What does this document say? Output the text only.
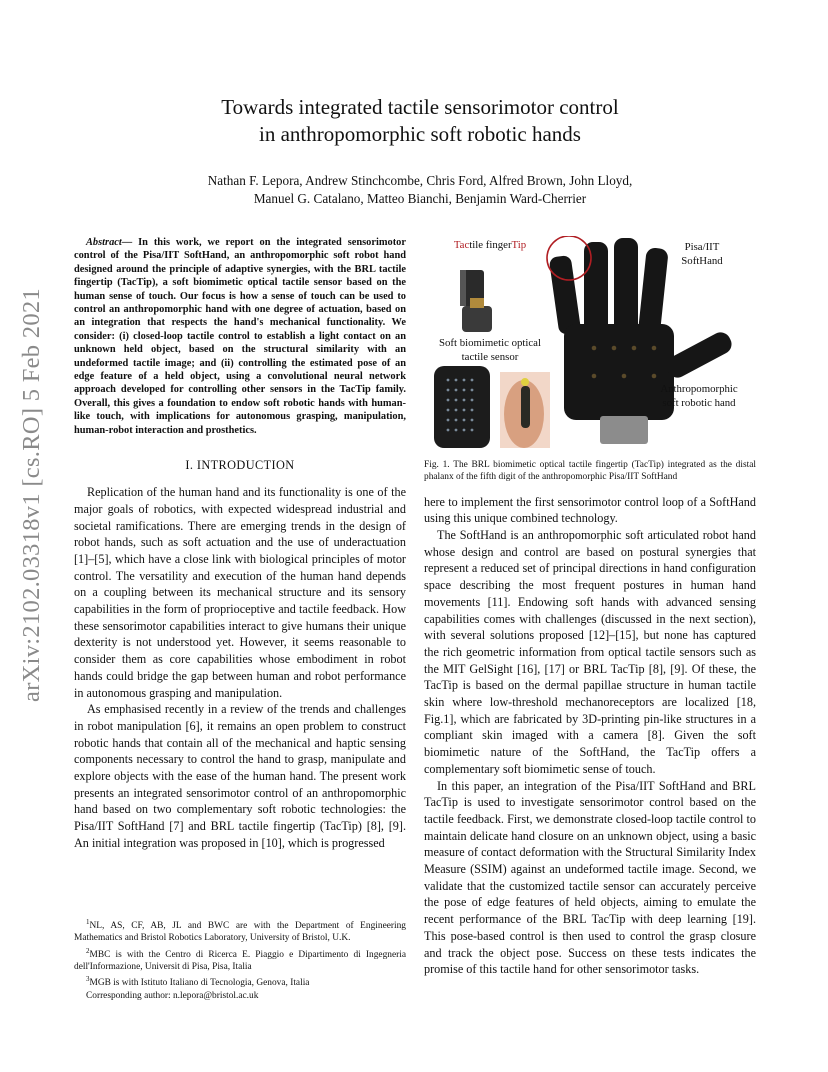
arXiv:2102.03318v1 [cs.RO] 5 Feb 2021
Towards integrated tactile sensorimotor control
in anthropomorphic soft robotic hands
Nathan F. Lepora, Andrew Stinchcombe, Chris Ford, Alfred Brown, John Lloyd,
Manuel G. Catalano, Matteo Bianchi, Benjamin Ward-Cherrier

Abstract— In this work, we report on the integrated sensorimotor control of the Pisa/IIT SoftHand, an anthropomorphic soft robot hand designed around the principle of adaptive synergies, with the BRL tactile fingertip (TacTip), a soft biomimetic optical tactile sensor based on the human sense of touch. Our focus is how a sense of touch can be used to control an anthropomorphic hand with one degree of actuation, based on an integration that respects the hand's mechanical functionality. We consider: (i) closed-loop tactile control to establish a light contact on an unknown held object, based on the structural similarity with an undeformed tactile image; and (ii) controlling the estimated pose of an edge feature of a held object, using a convolutional neural network approach developed for controlling other sensors in the TacTip family. Overall, this gives a foundation to endow soft robotic hands with human-like touch, with implications for autonomous grasping, manipulation, human-robot interaction and prosthetics.

I. INTRODUCTION

Replication of the human hand and its functionality is one of the major goals of robotics, with expected widespread industrial and societal ramifications. There are emerging trends in the design of robot hands, such as soft actuation and the use of underactuation [1]–[5], which have a close link with biological principles of motor control. The versatility and execution of the human hand depends on a coupling between its mechanical structure and its sensory capabilities in the form of proprioceptive and tactile feedback. How these sensorimotor capabilities interact to give humans their unique dexterity is not understood yet. However, it seems reasonable to consider them as core capabilities whose embodiment in robot hands could bridge the gap between human and robot performance in autonomous grasping and manipulation.

As emphasised recently in a review of the trends and challenges in robot manipulation [6], it remains an open problem to construct robotic hands that contain all of the mechanical and haptic sensing components necessary to control the hand to grasp, manipulate and explore objects with the ease of the human hand. The present work presents an integrated sensorimotor control of an anthropomorphic hand based on two complementary soft robotic technologies: the Pisa/IIT SoftHand [7] and BRL tactile fingertip (TacTip) [8], [9]. An initial integration was proposed in [10], which is progressed

$^1$NL, AS, CF, AB, JL and BWC are with the Department of Engineering Mathematics and Bristol Robotics Laboratory, University of Bristol, U.K.

$^2$MBC is with the Centro di Ricerca E. Piaggio e Dipartimento di Ingegneria dell'Informazione, Universit di Pisa, Pisa, Italia

$^3$MGB is with Istituto Italiano di Tecnologia, Genova, Italia

Corresponding author: n.lepora@bristol.ac.uk

Tactile fingerTip	Pisa/IIT
SoftHand
Soft biomimetic optical
tactile sensor
Anthropomorphic
soft robotic hand

Fig. 1. The BRL biomimetic optical tactile fingertip (TacTip) integrated as the distal phalanx of the fifth digit of the anthropomorphic Pisa/IIT SoftHand

here to implement the first sensorimotor control loop of a SoftHand using this unique combined technology.

The SoftHand is an anthropomorphic soft articulated robot hand whose design and control are based on postural synergies that represent a reduced set of principal directions in hand configuration space describing the most frequent postures in human hand movements [11]. Endowing soft hands with advanced sensing capabilities comes with challenges (discussed in the next section), with several solutions proposed [12]–[15], but none has captured the rich geometric information from optical tactile sensors such as the MIT GelSight [16], [17] or BRL TacTip [8], [9]. Of these, the TacTip is based on the dermal papillae structure in human tactile skin where low-threshold mechanoreceptors are localized [18, Fig.1], which are fabricated by 3D-printing pin-like structures in a compliant skin imaged with a camera [8]. Given the soft biomimetic nature of the SoftHand, the TacTip offers a complementary soft biomimetic sense of touch.

In this paper, an integration of the Pisa/IIT SoftHand and BRL TacTip is used to investigate sensorimotor control based on the tactile feedback. First, we demonstrate closed-loop tactile control to maintain delicate hand closure on an unknown object, using a basic measure of contact deformation with the Structural Similarity Index Measure (SSIM) against an undeformed tactile image. Second, we validate that the customized tactile sensor can accurately perceive the pose of edge features of held objects, aiming to emulate the recent performance of the BRL TacTip with deep learning [19]. This pose-based control is then used to control the grasp closure and track the object pose. Success on these tests indicates the promise of this tactile hand for other sensorimotor tasks.
